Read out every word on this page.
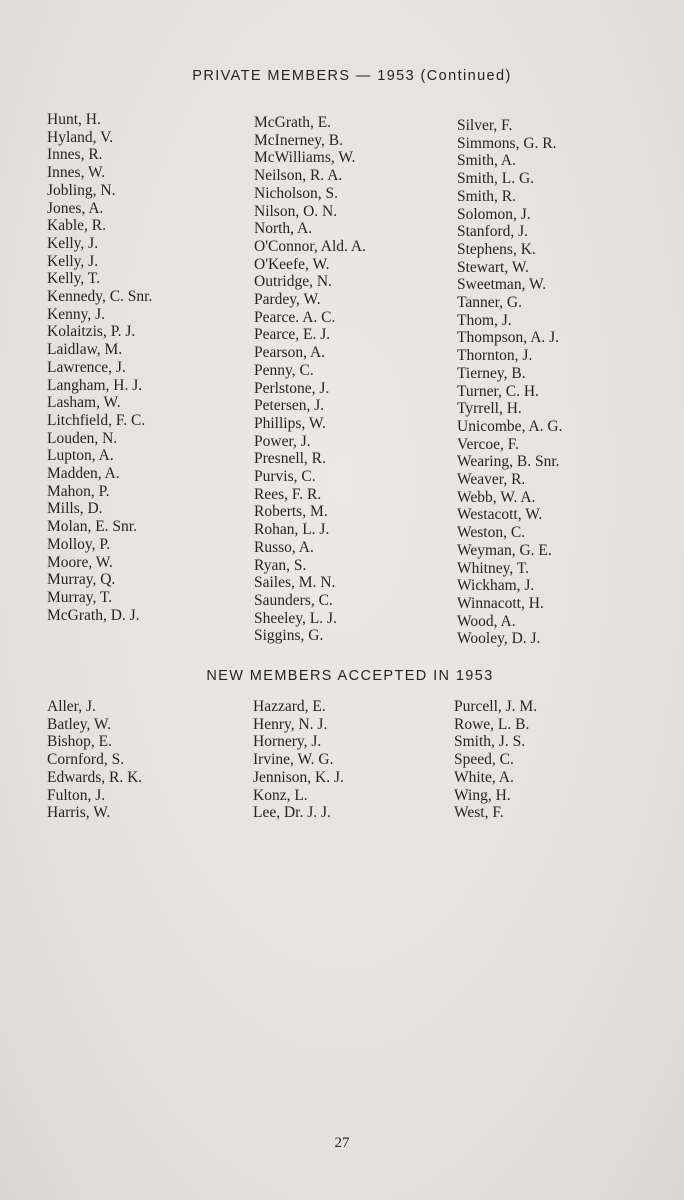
PRIVATE MEMBERS — 1953 (Continued)
Hunt, H.
Hyland, V.
Innes, R.
Innes, W.
Jobling, N.
Jones, A.
Kable, R.
Kelly, J.
Kelly, J.
Kelly, T.
Kennedy, C. Snr.
Kenny, J.
Kolaitzis, P. J.
Laidlaw, M.
Lawrence, J.
Langham, H. J.
Lasham, W.
Litchfield, F. C.
Louden, N.
Lupton, A.
Madden, A.
Mahon, P.
Mills, D.
Molan, E. Snr.
Molloy, P.
Moore, W.
Murray, Q.
Murray, T.
McGrath, D. J.
McGrath, E.
McInerney, B.
McWilliams, W.
Neilson, R. A.
Nicholson, S.
Nilson, O. N.
North, A.
O'Connor, Ald. A.
O'Keefe, W.
Outridge, N.
Pardey, W.
Pearce. A. C.
Pearce, E. J.
Pearson, A.
Penny, C.
Perlstone, J.
Petersen, J.
Phillips, W.
Power, J.
Presnell, R.
Purvis, C.
Rees, F. R.
Roberts, M.
Rohan, L. J.
Russo, A.
Ryan, S.
Sailes, M. N.
Saunders, C.
Sheeley, L. J.
Siggins, G.
Silver, F.
Simmons, G. R.
Smith, A.
Smith, L. G.
Smith, R.
Solomon, J.
Stanford, J.
Stephens, K.
Stewart, W.
Sweetman, W.
Tanner, G.
Thom, J.
Thompson, A. J.
Thornton, J.
Tierney, B.
Turner, C. H.
Tyrrell, H.
Unicombe, A. G.
Vercoe, F.
Wearing, B. Snr.
Weaver, R.
Webb, W. A.
Westacott, W.
Weston, C.
Weyman, G. E.
Whitney, T.
Wickham, J.
Winnacott, H.
Wood, A.
Wooley, D. J.
NEW MEMBERS ACCEPTED IN 1953
Aller, J.
Batley, W.
Bishop, E.
Cornford, S.
Edwards, R. K.
Fulton, J.
Harris, W.
Hazzard, E.
Henry, N. J.
Hornery, J.
Irvine, W. G.
Jennison, K. J.
Konz, L.
Lee, Dr. J. J.
Purcell, J. M.
Rowe, L. B.
Smith, J. S.
Speed, C.
White, A.
Wing, H.
West, F.
27
